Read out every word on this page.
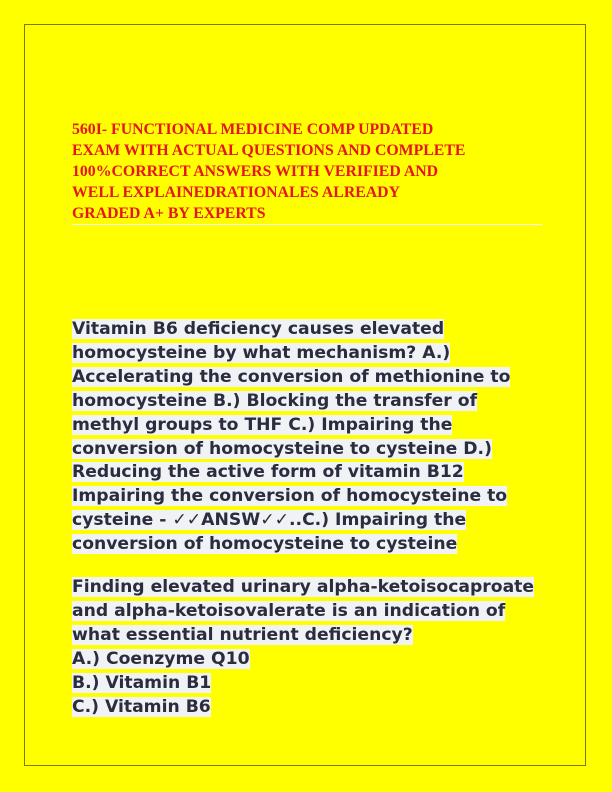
560I- FUNCTIONAL MEDICINE COMP UPDATED
EXAM WITH ACTUAL QUESTIONS AND COMPLETE
100%CORRECT ANSWERS WITH VERIFIED AND
WELL EXPLAINEDRATIONALES ALREADY
GRADED A+ BY EXPERTS

Vitamin B6 deficiency causes elevated
homocysteine by what mechanism? A.)
Accelerating the conversion of methionine to
homocysteine B.) Blocking the transfer of
methyl groups to THF C.) Impairing the
conversion of homocysteine to cysteine D.)
Reducing the active form of vitamin B12
Impairing the conversion of homocysteine to
cysteine - ✓✓ANSW✓✓..C.) Impairing the
conversion of homocysteine to cysteine
Finding elevated urinary alpha-ketoisocaproate
and alpha-ketoisovalerate is an indication of
what essential nutrient deficiency?
A.) Coenzyme Q10
B.) Vitamin B1
C.) Vitamin B6
